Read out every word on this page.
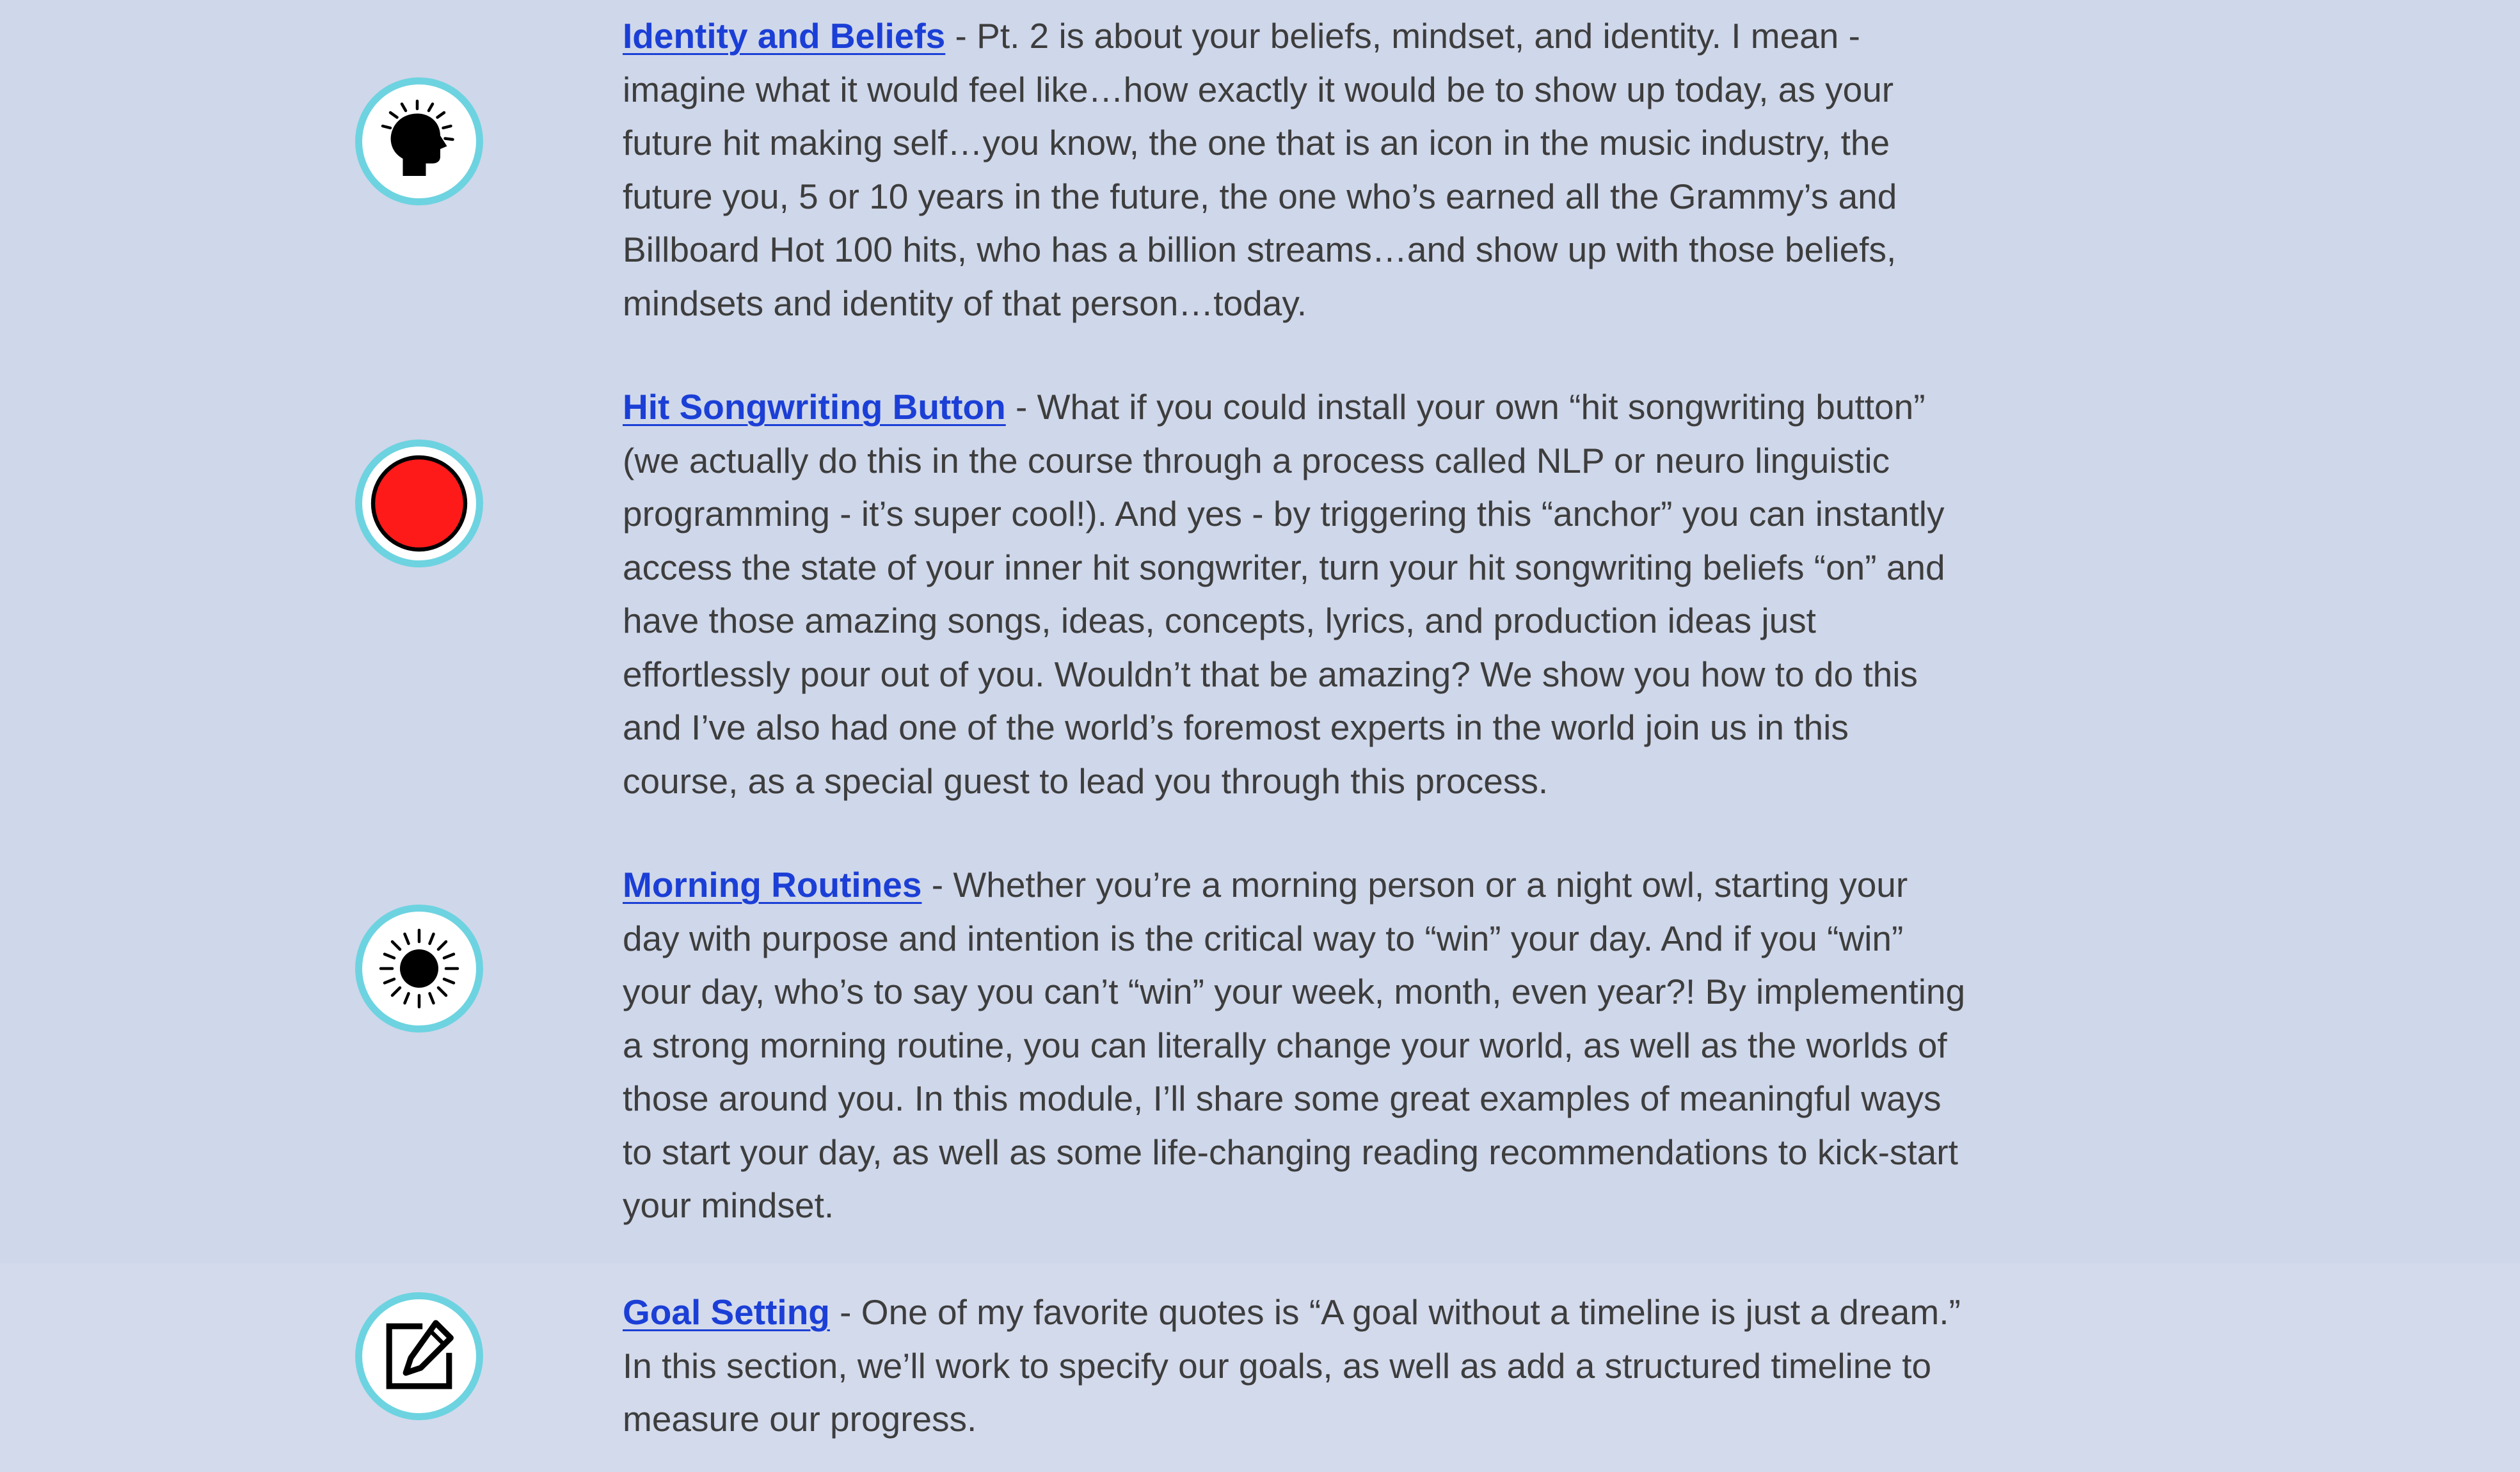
Identity and Beliefs - Pt. 2 is about your beliefs, mindset, and identity. I mean - imagine what it would feel like…how exactly it would be to show up today, as your future hit making self…you know, the one that is an icon in the music industry, the future you, 5 or 10 years in the future, the one who’s earned all the Grammy’s and Billboard Hot 100 hits, who has a billion streams…and show up with those beliefs, mindsets and identity of that person…today.

Hit Songwriting Button - What if you could install your own “hit songwriting button” (we actually do this in the course through a process called NLP or neuro linguistic programming - it’s super cool!). And yes - by triggering this “anchor” you can instantly access the state of your inner hit songwriter, turn your hit songwriting beliefs “on” and have those amazing songs, ideas, concepts, lyrics, and production ideas just effortlessly pour out of you. Wouldn’t that be amazing? We show you how to do this and I’ve also had one of the world’s foremost experts in the world join us in this course, as a special guest to lead you through this process.

Morning Routines - Whether you’re a morning person or a night owl, starting your day with purpose and intention is the critical way to “win” your day. And if you “win” your day, who’s to say you can’t “win” your week, month, even year?! By implementing a strong morning routine, you can literally change your world, as well as the worlds of those around you. In this module, I’ll share some great examples of meaningful ways to start your day, as well as some life-changing reading recommendations to kick-start your mindset.

Goal Setting - One of my favorite quotes is “A goal without a timeline is just a dream.” In this section, we’ll work to specify our goals, as well as add a structured timeline to measure our progress.
